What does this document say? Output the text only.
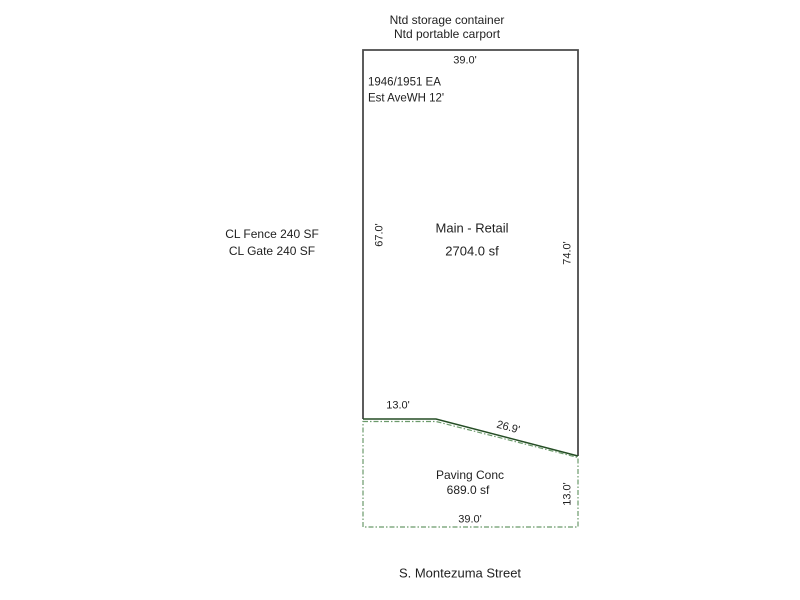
Ntd storage container
Ntd portable carport
39.0'
67.0'
74.0'
13.0'
26.9'
1946/1951 EA
Est AveWH 12'
Main - Retail
2704.0 sf
CL Fence 240 SF
CL Gate 240 SF
Paving Conc
689.0 sf	13.0'
39.0'
S. Montezuma Street
